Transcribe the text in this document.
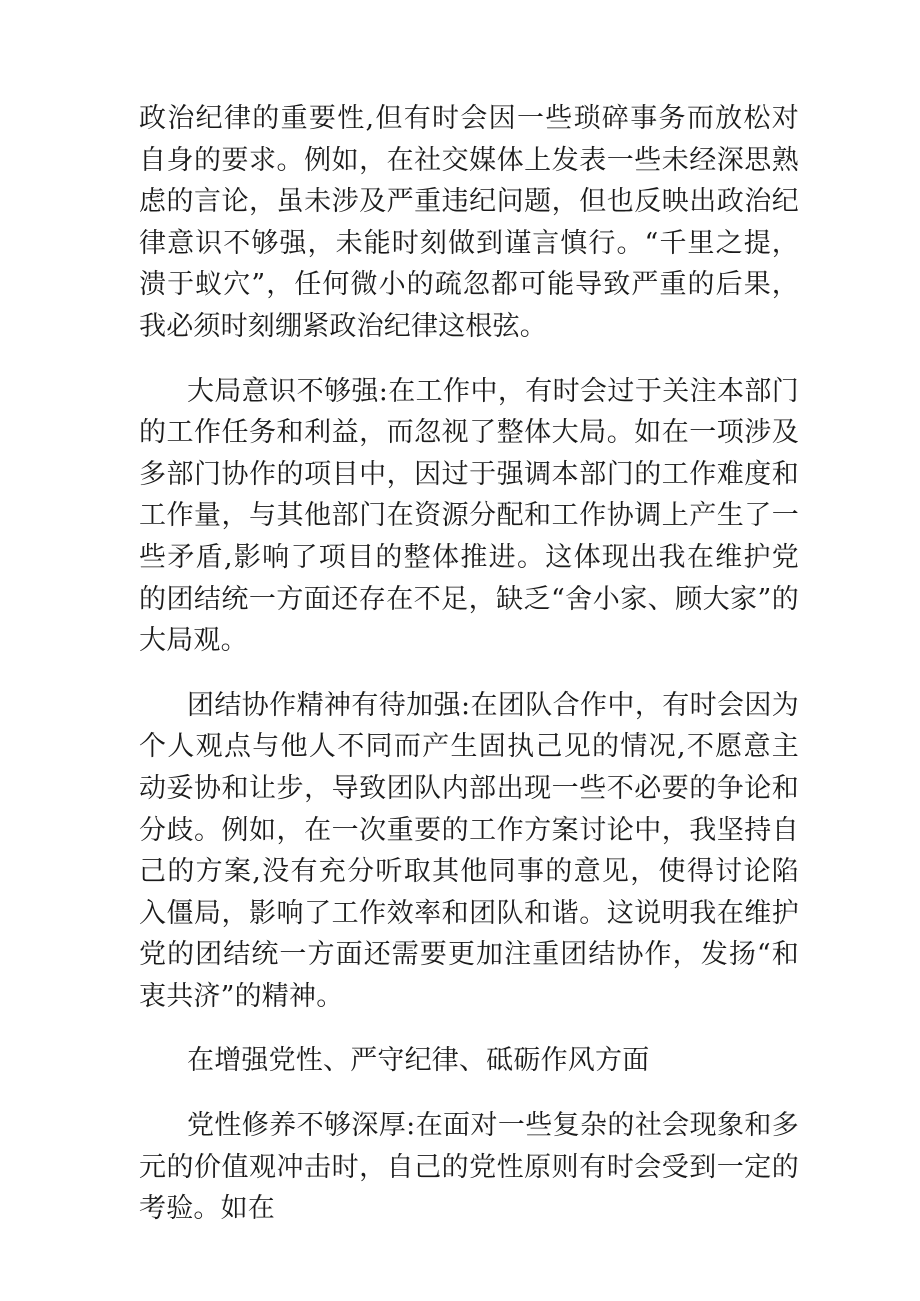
政治纪律的重要性,但有时会因一些琐碎事务而放松对自身的要求。例如，在社交媒体上发表一些未经深思熟虑的言论，虽未涉及严重违纪问题，但也反映出政治纪律意识不够强，未能时刻做到谨言慎行。“千里之提，溃于蚁穴”，任何微小的疏忽都可能导致严重的后果，我必须时刻绷紧政治纪律这根弦。

大局意识不够强:在工作中，有时会过于关注本部门的工作任务和利益，而忽视了整体大局。如在一项涉及多部门协作的项目中，因过于强调本部门的工作难度和工作量，与其他部门在资源分配和工作协调上产生了一些矛盾,影响了项目的整体推进。这体现出我在维护党的团结统一方面还存在不足，缺乏“舍小家、顾大家”的大局观。

团结协作精神有待加强:在团队合作中，有时会因为个人观点与他人不同而产生固执己见的情况,不愿意主动妥协和让步，导致团队内部出现一些不必要的争论和分歧。例如，在一次重要的工作方案讨论中，我坚持自己的方案,没有充分听取其他同事的意见，使得讨论陷入僵局，影响了工作效率和团队和谐。这说明我在维护党的团结统一方面还需要更加注重团结协作，发扬“和衷共济”的精神。

在增强党性、严守纪律、砥砺作风方面

党性修养不够深厚:在面对一些复杂的社会现象和多元的价值观冲击时，自己的党性原则有时会受到一定的考验。如在
